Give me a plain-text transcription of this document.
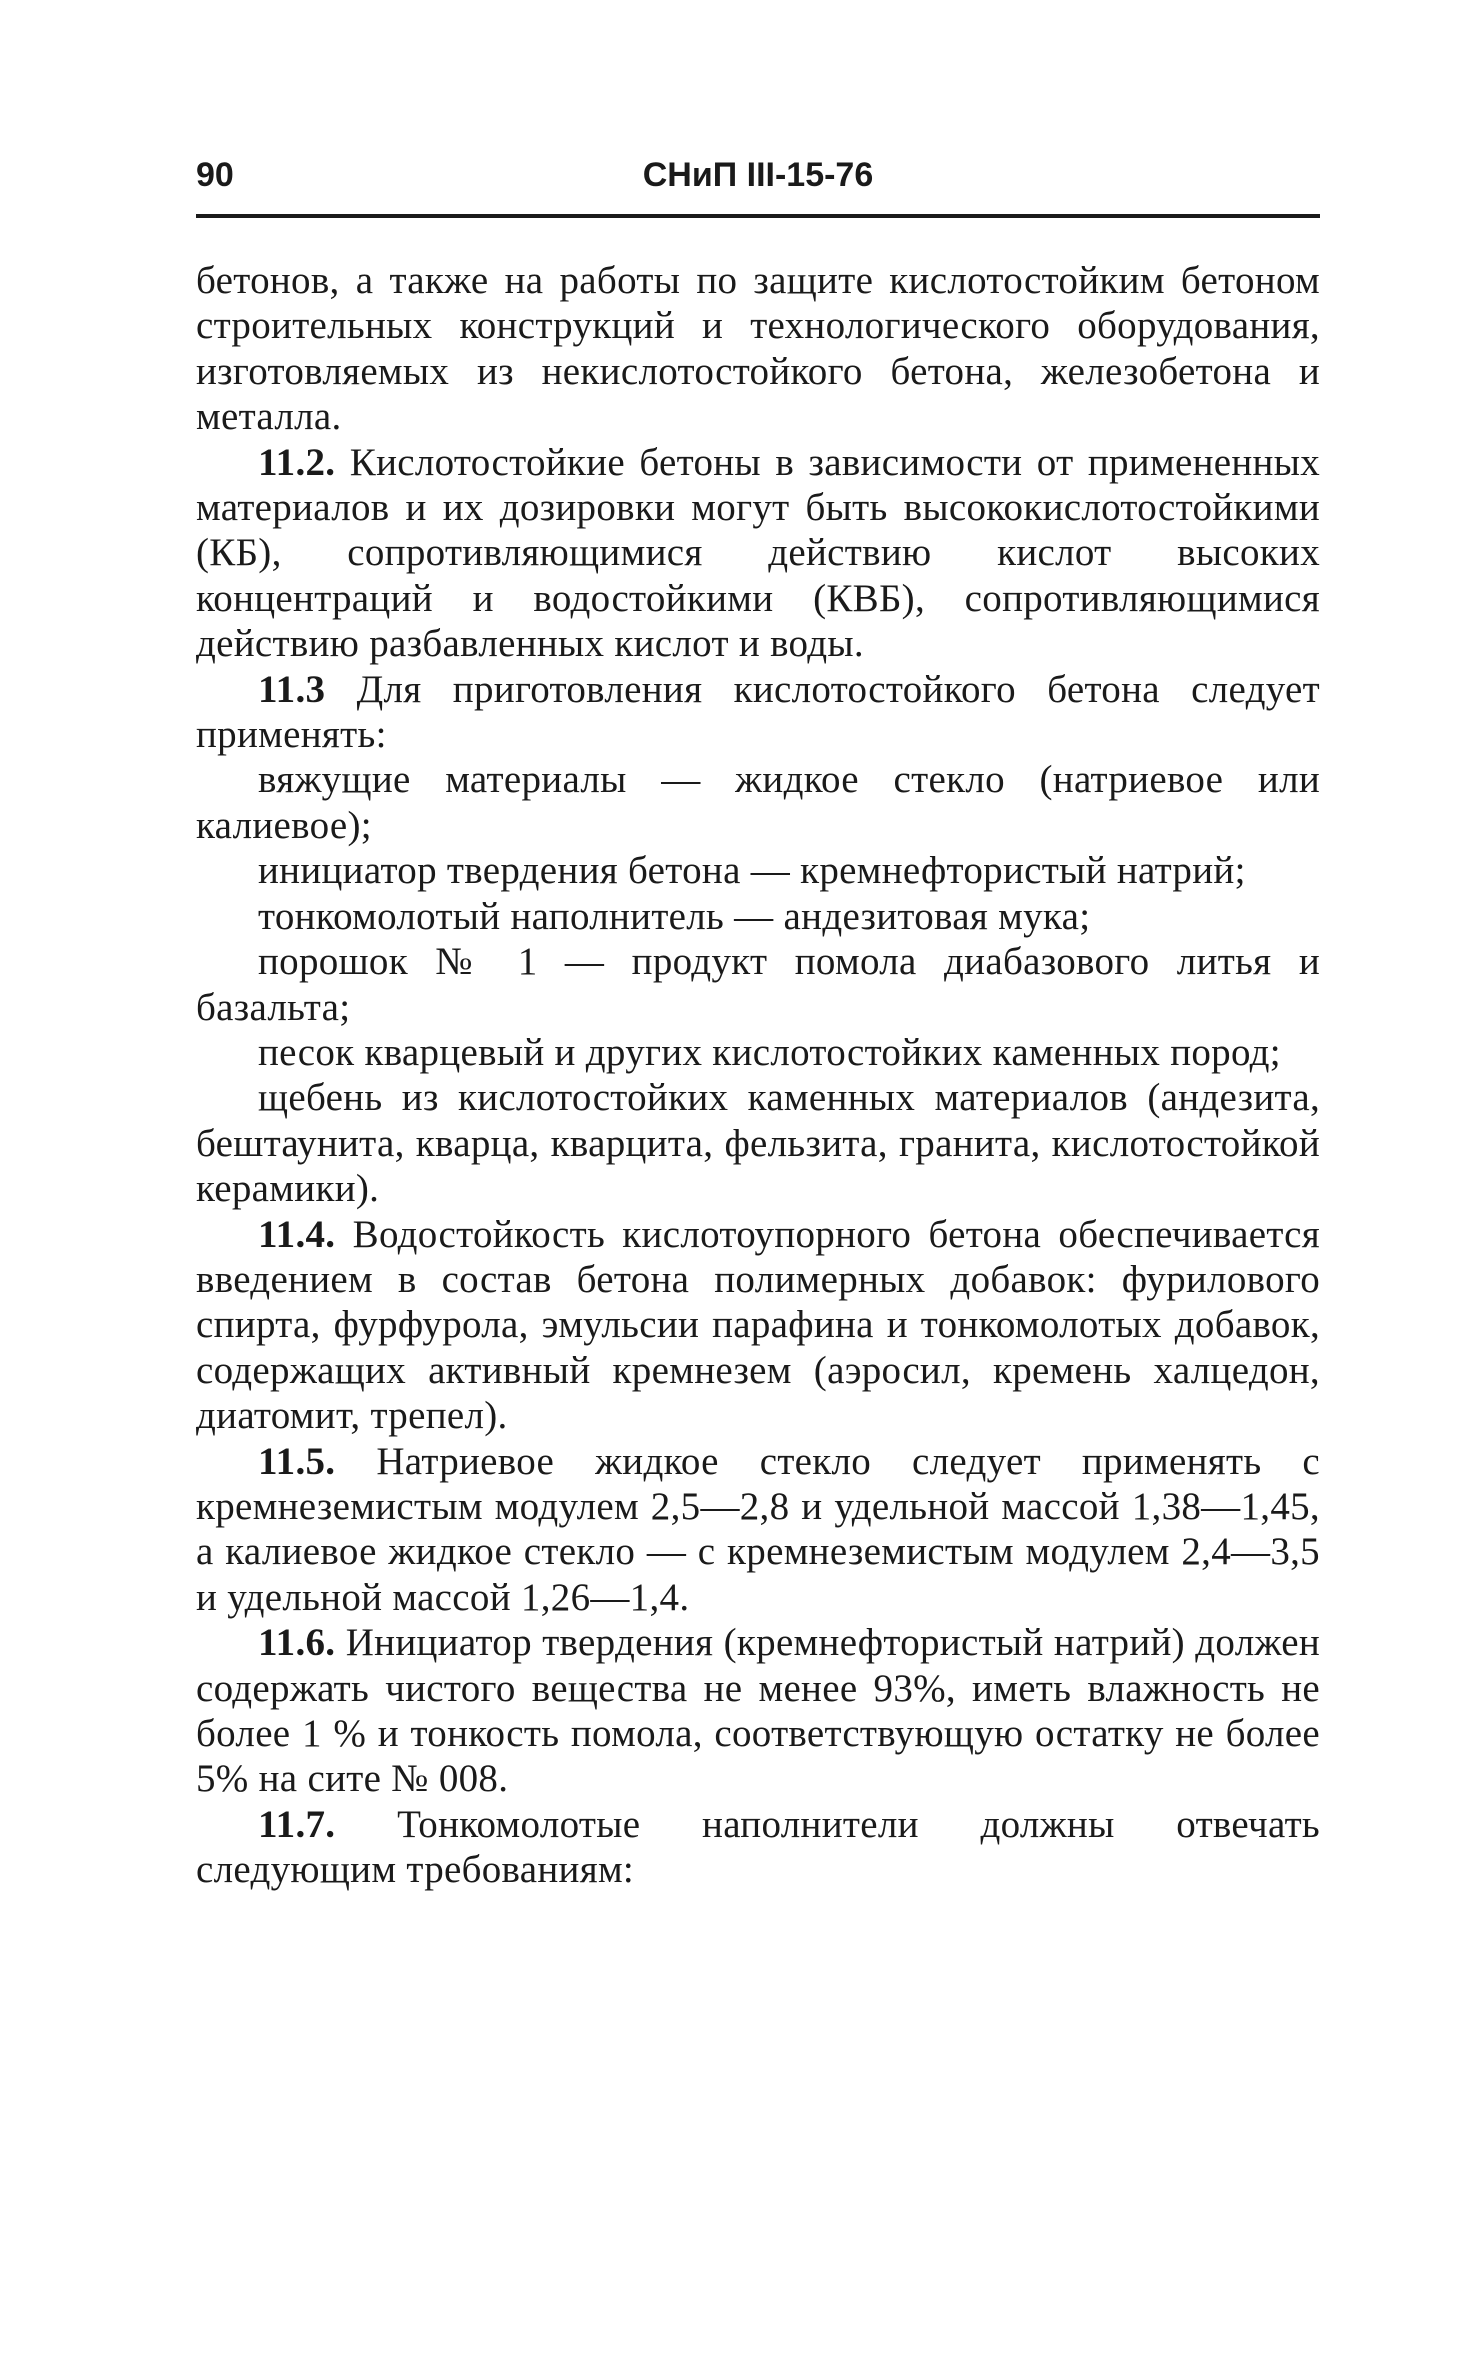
90	СНиП III-15-76

бетонов, а также на работы по защите кислотостойким бетоном строительных конструкций и технологического оборудования, изготовляемых из некислотостойкого бетона, железобетона и металла.

11.2. Кислотостойкие бетоны в зависимости от примененных материалов и их дозировки могут быть высококислотостойкими (КБ), сопротивляющимися действию кислот высоких концентраций и водостойкими (КВБ), сопротивляющимися действию разбавленных кислот и воды.

11.3 Для приготовления кислотостойкого бетона следует применять:

вяжущие материалы — жидкое стекло (натриевое или калиевое);

инициатор твердения бетона — кремнефтористый натрий;

тонкомолотый наполнитель — андезитовая мука;

порошок № 1 — продукт помола диабазового литья и базальта;

песок кварцевый и других кислотостойких каменных пород;

щебень из кислотостойких каменных материалов (андезита, бештаунита, кварца, кварцита, фельзита, гранита, кислотостойкой керамики).

11.4. Водостойкость кислотоупорного бетона обеспечивается введением в состав бетона полимерных добавок: фурилового спирта, фурфурола, эмульсии парафина и тонкомолотых добавок, содержащих активный кремнезем (аэросил, кремень халцедон, диатомит, трепел).

11.5. Натриевое жидкое стекло следует применять с кремнеземистым модулем 2,5—2,8 и удельной массой 1,38—1,45, а калиевое жидкое стекло — с кремнеземистым модулем 2,4—3,5 и удельной массой 1,26—1,4.

11.6. Инициатор твердения (кремнефтористый натрий) должен содержать чистого вещества не менее 93%, иметь влажность не более 1 % и тонкость помола, соответствующую остатку не более 5% на сите № 008.

11.7. Тонкомолотые наполнители должны отвечать следующим требованиям:
